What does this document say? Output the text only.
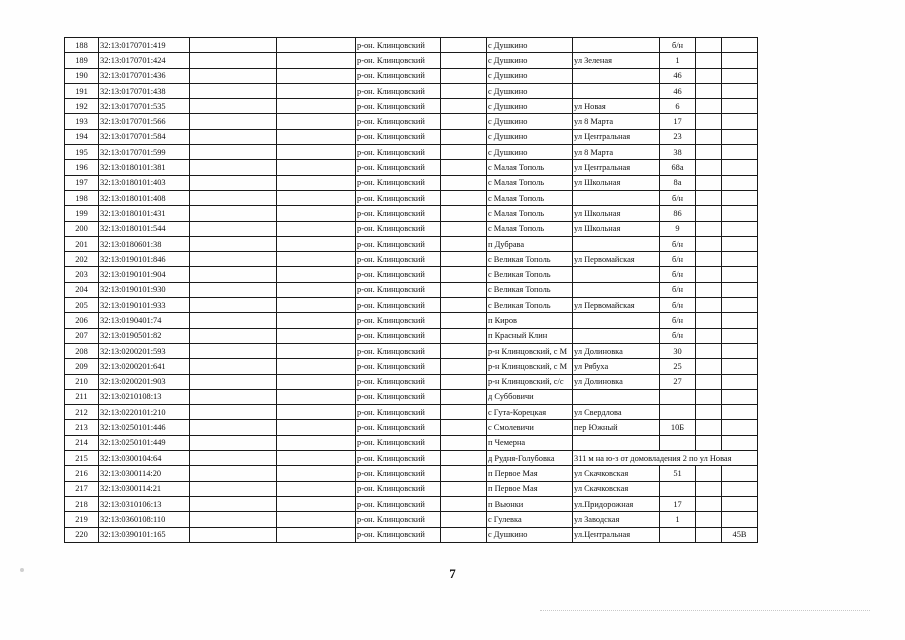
188	32:13:0170701:419			р-он. Клинцовский		с Душкино		б/н		
189	32:13:0170701:424			р-он. Клинцовский		с Душкино	ул Зеленая	1		
190	32:13:0170701:436			р-он. Клинцовский		с Душкино		46		
191	32:13:0170701:438			р-он. Клинцовский		с Душкино		46		
192	32:13:0170701:535			р-он. Клинцовский		с Душкино	ул Новая	6		
193	32:13:0170701:566			р-он. Клинцовский		с Душкино	ул 8 Марта	17		
194	32:13:0170701:584			р-он. Клинцовский		с Душкино	ул Центральная	23		
195	32:13:0170701:599			р-он. Клинцовский		с Душкино	ул 8 Марта	38		
196	32:13:0180101:381			р-он. Клинцовский		с Малая Тополь	ул Центральная	68а		
197	32:13:0180101:403			р-он. Клинцовский		с Малая Тополь	ул Школьная	8а		
198	32:13:0180101:408			р-он. Клинцовский		с Малая Тополь		б/н		
199	32:13:0180101:431			р-он. Клинцовский		с Малая Тополь	ул Школьная	86		
200	32:13:0180101:544			р-он. Клинцовский		с Малая Тополь	ул Школьная	9		
201	32:13:0180601:38			р-он. Клинцовский		п Дубрава		б/н		
202	32:13:0190101:846			р-он. Клинцовский		с Великая Тополь	ул Первомайская	б/н		
203	32:13:0190101:904			р-он. Клинцовский		с Великая Тополь		б/н		
204	32:13:0190101:930			р-он. Клинцовский		с Великая Тополь		б/н		
205	32:13:0190101:933			р-он. Клинцовский		с Великая Тополь	ул Первомайская	б/н		
206	32:13:0190401:74			р-он. Клинцовский		п Киров		б/н		
207	32:13:0190501:82			р-он. Клинцовский		п Красный Клин		б/н		
208	32:13:0200201:593			р-он. Клинцовский		р-н Клинцовский, с М	ул Долиновка	30		
209	32:13:0200201:641			р-он. Клинцовский		р-н Клинцовский, с М	ул Рябуха	25		
210	32:13:0200201:903			р-он. Клинцовский		р-н Клинцовский, с/с	ул Долиновка	27		
211	32:13:0210108:13			р-он. Клинцовский		д Суббовичи				
212	32:13:0220101:210			р-он. Клинцовский		с Гута-Корецкая	ул Свердлова			
213	32:13:0250101:446			р-он. Клинцовский		с Смолевичи	пер Южный	10Б		
214	32:13:0250101:449			р-он. Клинцовский		п Чемерна				
215	32:13:0300104:64			р-он. Клинцовский		д Рудня-Голубовка	311 м на ю-з от домовладения 2 по ул Новая			
216	32:13:0300114:20			р-он. Клинцовский		п Первое Мая	ул Скачковская	51		
217	32:13:0300114:21			р-он. Клинцовский		п Первое Мая	ул Скачковская			
218	32:13:0310106:13			р-он. Клинцовский		п Вьюнки	ул.Придорожная	17		
219	32:13:0360108:110			р-он. Клинцовский		с Гулевка	ул Заводская	1		
220	32:13:0390101:165			р-он. Клинцовский		с Душкино	ул.Центральная			45В
7
